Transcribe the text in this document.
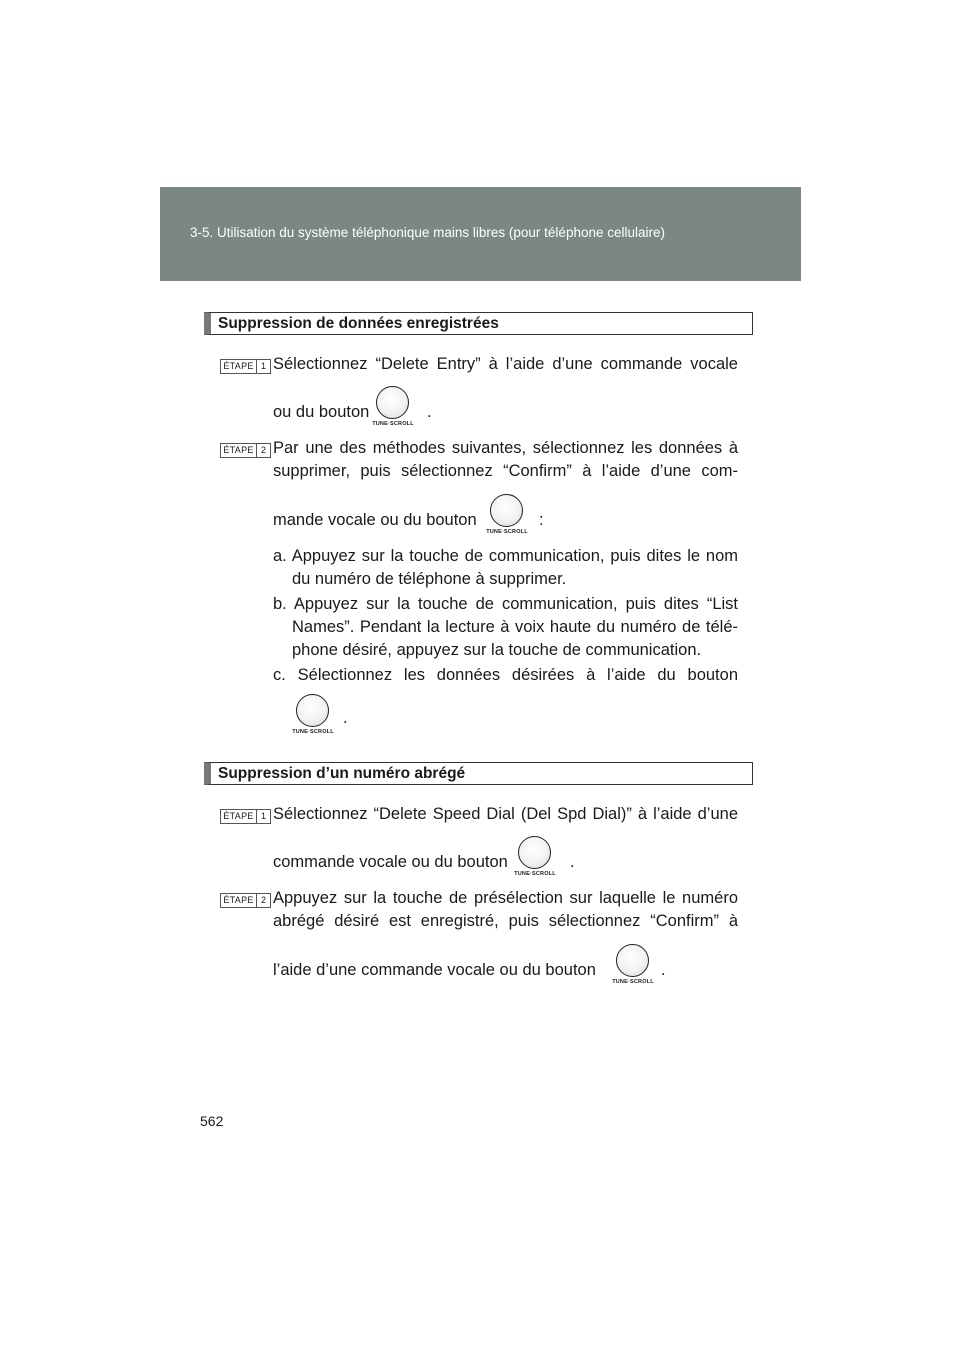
3-5. Utilisation du système téléphonique mains libres (pour téléphone cellulaire)
Suppression de données enregistrées
ÉTAPE 1 Sélectionnez “Delete Entry” à l’aide d’une commande vocale
ou du bouton
TUNE·SCROLL
.
ÉTAPE 2 Par une des méthodes suivantes, sélectionnez les données à
supprimer, puis sélectionnez “Confirm” à l’aide d’une com-
mande vocale ou du bouton
TUNE·SCROLL
:
a. Appuyez sur la touche de communication, puis dites le nom du numéro de téléphone à supprimer.
b. Appuyez sur la touche de communication, puis dites “List Names”. Pendant la lecture à voix haute du numéro de télé-phone désiré, appuyez sur la touche de communication.
c. Sélectionnez les données désirées à l’aide du bouton
TUNE·SCROLL
.
Suppression d’un numéro abrégé
ÉTAPE 1 Sélectionnez “Delete Speed Dial (Del Spd Dial)” à l’aide d’une
commande vocale ou du bouton
TUNE·SCROLL
.
ÉTAPE 2 Appuyez sur la touche de présélection sur laquelle le numéro
abrégé désiré est enregistré, puis sélectionnez “Confirm” à
l’aide d’une commande vocale ou du bouton
TUNE·SCROLL
.
562
